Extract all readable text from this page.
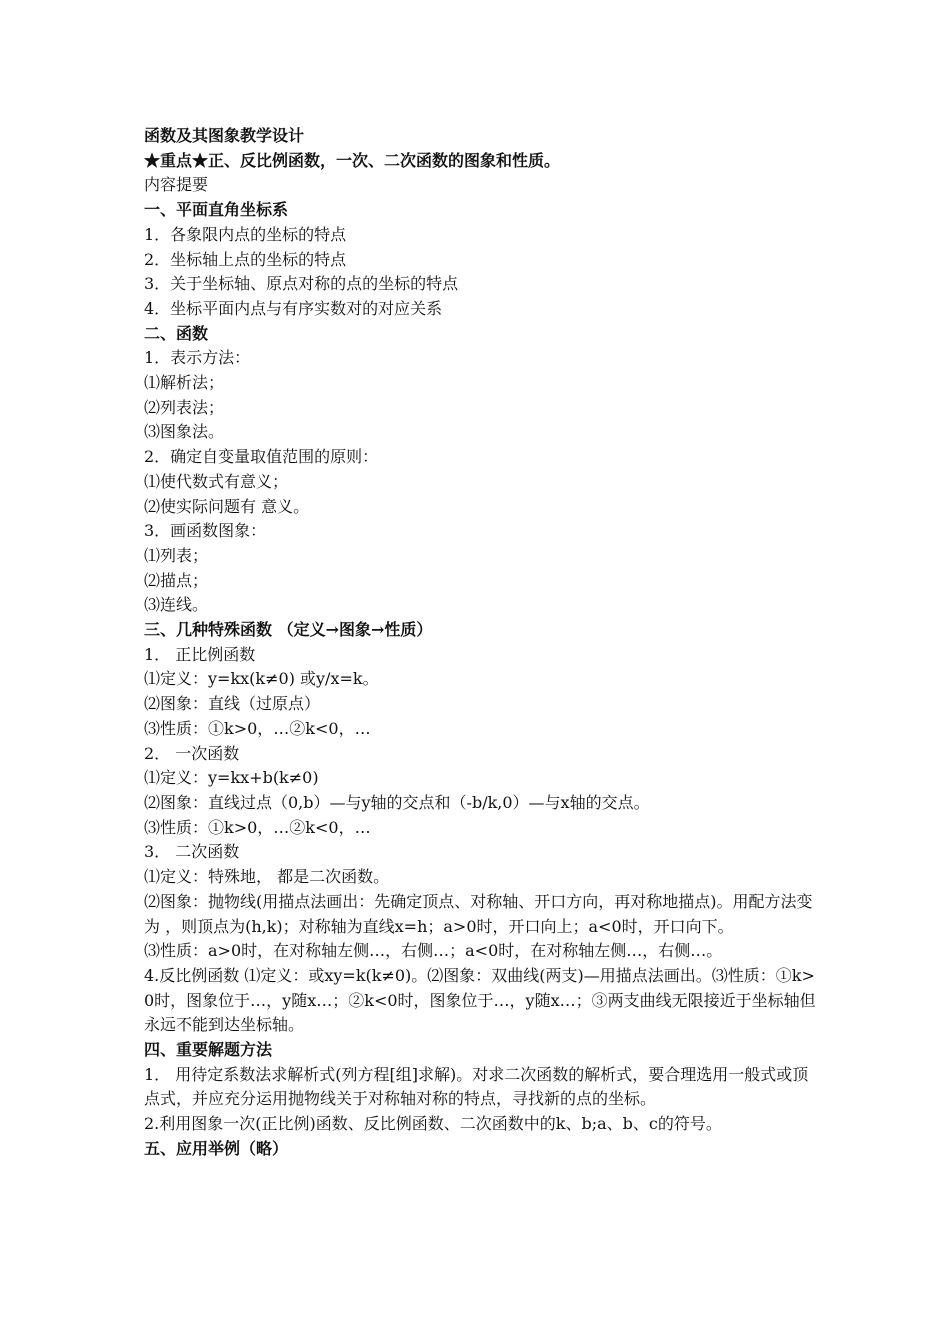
函数及其图象教学设计
★重点★正、反比例函数，一次、二次函数的图象和性质。
内容提要
一、平面直角坐标系
1．各象限内点的坐标的特点
2．坐标轴上点的坐标的特点
3．关于坐标轴、原点对称的点的坐标的特点
4．坐标平面内点与有序实数对的对应关系
二、函数
1．表示方法：
⑴解析法；
⑵列表法；
⑶图象法。
2．确定自变量取值范围的原则：
⑴使代数式有意义；
⑵使实际问题有 意义。
3．画函数图象：
⑴列表；
⑵描点；
⑶连线。
三、几种特殊函数 （定义→图象→性质）
1． 正比例函数
⑴定义：y=kx(k≠0) 或y/x=k。
⑵图象：直线（过原点）
⑶性质：①k>0，…②k<0，…
2． 一次函数
⑴定义：y=kx+b(k≠0)
⑵图象：直线过点（0,b）—与y轴的交点和（-b/k,0）—与x轴的交点。
⑶性质：①k>0，…②k<0，…
3． 二次函数
⑴定义：特殊地， 都是二次函数。
⑵图象：抛物线(用描点法画出：先确定顶点、对称轴、开口方向，再对称地描点)。用配方法变为 ，则顶点为(h,k)；对称轴为直线x=h；a>0时，开口向上；a<0时，开口向下。
⑶性质：a>0时，在对称轴左侧…，右侧…；a<0时，在对称轴左侧…，右侧…。
4.反比例函数 ⑴定义：或xy=k(k≠0)。⑵图象：双曲线(两支)—用描点法画出。⑶性质：①k>0时，图象位于…，y随x…；②k<0时，图象位于…，y随x…；③两支曲线无限接近于坐标轴但永远不能到达坐标轴。
四、重要解题方法
1． 用待定系数法求解析式(列方程[组]求解)。对求二次函数的解析式，要合理选用一般式或顶点式，并应充分运用抛物线关于对称轴对称的特点，寻找新的点的坐标。
2.利用图象一次(正比例)函数、反比例函数、二次函数中的k、b;a、b、c的符号。
五、应用举例（略）
